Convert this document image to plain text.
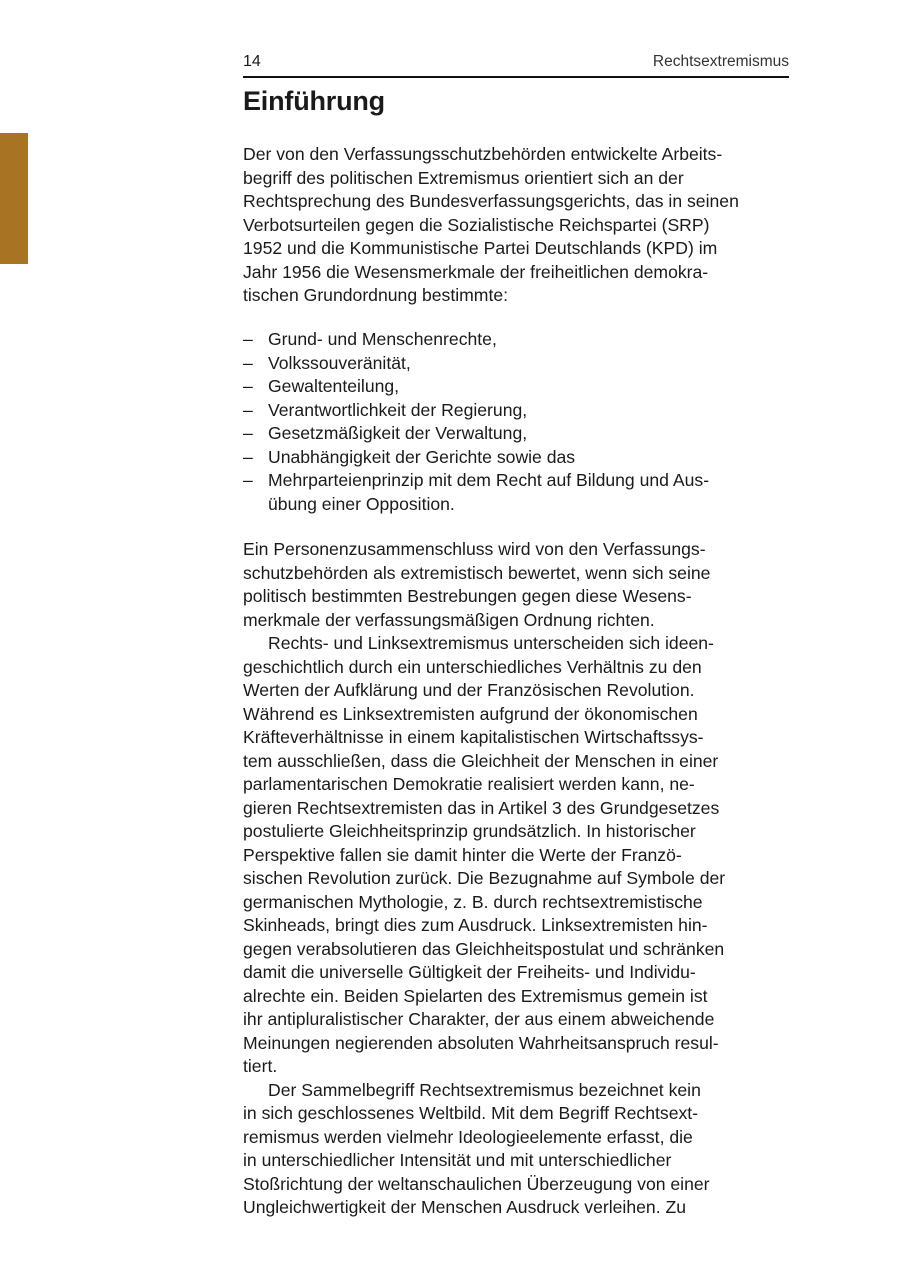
14	Rechtsextremismus
Einführung
Der von den Verfassungsschutzbehörden entwickelte Arbeits-
begriff des politischen Extremismus orientiert sich an der
Rechtsprechung des Bundesverfassungsgerichts, das in seinen
Verbotsurteilen gegen die Sozialistische Reichspartei (SRP)
1952 und die Kommunistische Partei Deutschlands (KPD) im
Jahr 1956 die Wesensmerkmale der freiheitlichen demokra-
tischen Grundordnung bestimmte:
– Grund- und Menschenrechte,
– Volkssouveränität,
– Gewaltenteilung,
– Verantwortlichkeit der Regierung,
– Gesetzmäßigkeit der Verwaltung,
– Unabhängigkeit der Gerichte sowie das
– Mehrparteienprinzip mit dem Recht auf Bildung und Aus-
übung einer Opposition.
Ein Personenzusammenschluss wird von den Verfassungs-
schutzbehörden als extremistisch bewertet, wenn sich seine
politisch bestimmten Bestrebungen gegen diese Wesens-
merkmale der verfassungsmäßigen Ordnung richten.
Rechts- und Linksextremismus unterscheiden sich ideen-
geschichtlich durch ein unterschiedliches Verhältnis zu den
Werten der Aufklärung und der Französischen Revolution.
Während es Linksextremisten aufgrund der ökonomischen
Kräfteverhältnisse in einem kapitalistischen Wirtschaftssys-
tem ausschließen, dass die Gleichheit der Menschen in einer
parlamentarischen Demokratie realisiert werden kann, ne-
gieren Rechtsextremisten das in Artikel 3 des Grundgesetzes
postulierte Gleichheitsprinzip grundsätzlich. In historischer
Perspektive fallen sie damit hinter die Werte der Franzö-
sischen Revolution zurück. Die Bezugnahme auf Symbole der
germanischen Mythologie, z. B. durch rechtsextremistische
Skinheads, bringt dies zum Ausdruck. Linksextremisten hin-
gegen verabsolutieren das Gleichheitspostulat und schränken
damit die universelle Gültigkeit der Freiheits- und Individu-
alrechte ein. Beiden Spielarten des Extremismus gemein ist
ihr antipluralistischer Charakter, der aus einem abweichende
Meinungen negierenden absoluten Wahrheitsanspruch resul-
tiert.
Der Sammelbegriff Rechtsextremismus bezeichnet kein
in sich geschlossenes Weltbild. Mit dem Begriff Rechtsext-
remismus werden vielmehr Ideologieelemente erfasst, die
in unterschiedlicher Intensität und mit unterschiedlicher
Stoßrichtung der weltanschaulichen Überzeugung von einer
Ungleichwertigkeit der Menschen Ausdruck verleihen. Zu
